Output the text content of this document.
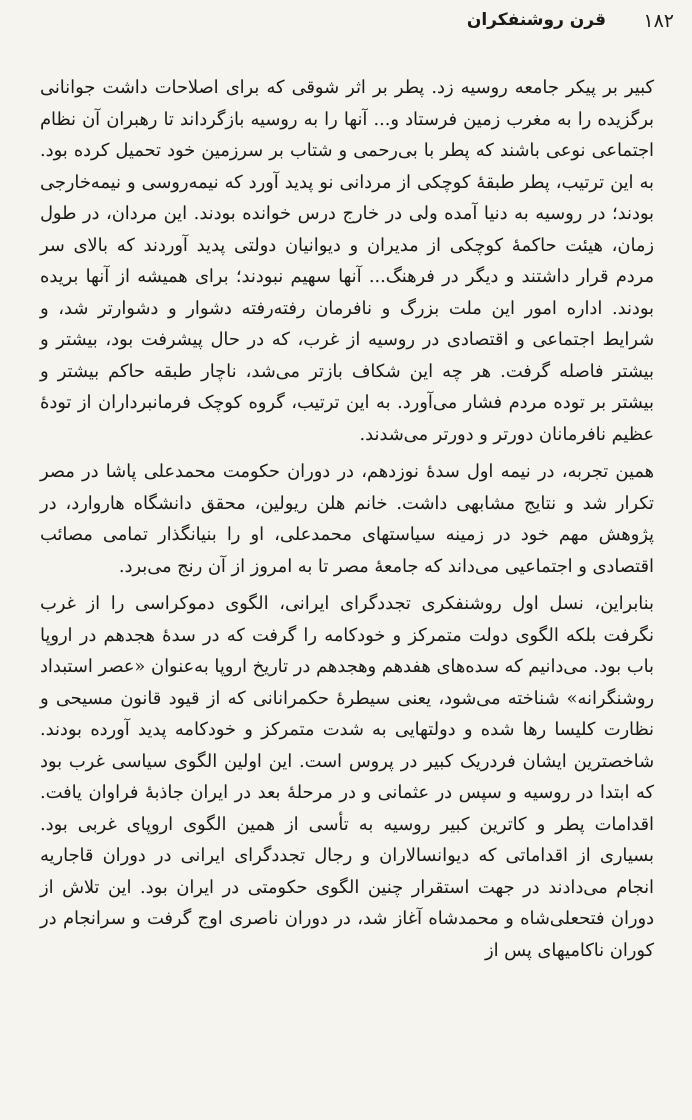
۱۸۲
قرن روشنفکران

کبیر بر پیکر جامعه روسیه زد. پطر بر اثر شوقی که برای اصلاحات داشت جوانانی برگزیده را به مغرب زمین فرستاد و... آنها را به روسیه بازگرداند تا رهبران آن نظام اجتماعی نوعی باشند که پطر با بی‌رحمی و شتاب بر سرزمین خود تحمیل کرده بود. به این ترتیب، پطر طبقهٔ کوچکی از مردانی نو پدید آورد که نیمه‌روسی و نیمه‌خارجی بودند؛ در روسیه به دنیا آمده ولی در خارج درس خوانده بودند. این مردان، در طول زمان، هیئت حاکمهٔ کوچکی از مدیران و دیوانیان دولتی پدید آوردند که بالای سر مردم قرار داشتند و دیگر در فرهنگ... آنها سهیم نبودند؛ برای همیشه از آنها بریده بودند. اداره امور این ملت بزرگ و نافرمان رفته‌رفته دشوار و دشوارتر شد، و شرایط اجتماعی و اقتصادی در روسیه از غرب، که در حال پیشرفت بود، بیشتر و بیشتر فاصله گرفت. هر چه این شکاف بازتر می‌شد، ناچار طبقه حاکم بیشتر و بیشتر بر توده مردم فشار می‌آورد. به این ترتیب، گروه کوچک فرمانبرداران از تودهٔ عظیم نافرمانان دورتر و دورتر می‌شدند.

همین تجربه، در نیمه اول سدهٔ نوزدهم، در دوران حکومت محمدعلی پاشا در مصر تکرار شد و نتایج مشابهی داشت. خانم هلن ریولین، محقق دانشگاه هاروارد، در پژوهش مهم خود در زمینه سیاستهای محمدعلی، او را بنیانگذار تمامی مصائب اقتصادی و اجتماعیی می‌داند که جامعهٔ مصر تا به امروز از آن رنج می‌برد.

بنابراین، نسل اول روشنفکری تجددگرای ایرانی، الگوی دموکراسی را از غرب نگرفت بلکه الگوی دولت متمرکز و خودکامه را گرفت که در سدهٔ هجدهم در اروپا باب بود. می‌دانیم که سده‌های هفدهم وهجدهم در تاریخ اروپا به‌عنوان «عصر استبداد روشنگرانه» شناخته می‌شود، یعنی سیطرهٔ حکمرانانی که از قیود قانون مسیحی و نظارت کلیسا رها شده و دولتهایی به شدت متمرکز و خودکامه پدید آورده بودند. شاخصترین ایشان فردریک کبیر در پروس است. این اولین الگوی سیاسی غرب بود که ابتدا در روسیه و سپس در عثمانی و در مرحلهٔ بعد در ایران جاذبهٔ فراوان یافت. اقدامات پطر و کاترین کبیر روسیه به تأسی از همین الگوی اروپای غربی بود. بسیاری از اقداماتی که دیوانسالاران و رجال تجددگرای ایرانی در دوران قاجاریه انجام می‌دادند در جهت استقرار چنین الگوی حکومتی در ایران بود. این تلاش از دوران فتحعلی‌شاه و محمدشاه آغاز شد، در دوران ناصری اوج گرفت و سرانجام در کوران ناکامیهای پس از
